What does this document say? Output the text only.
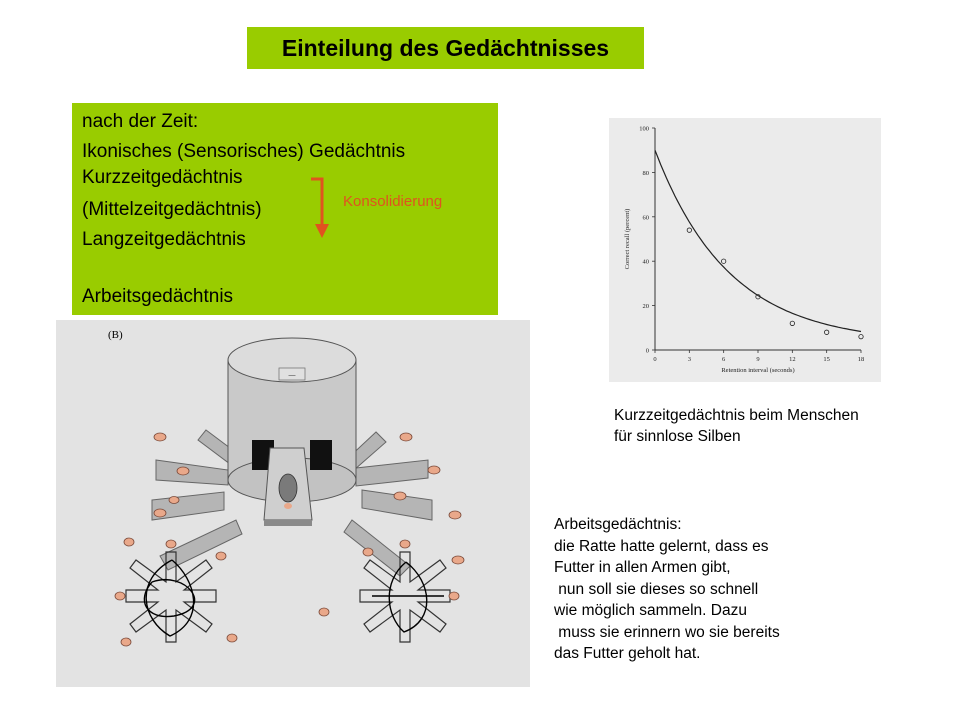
Einteilung des Gedächtnisses
nach der Zeit:
Ikonisches (Sensorisches) Gedächtnis
Kurzzeitgedächtnis
(Mittelzeitgedächtnis)
Langzeitgedächtnis
Arbeitsgedächtnis
Konsolidierung
(B)
—
0	3	6	9	12	15	18
0
20
40
60
80
100
Retention interval (seconds)
Correct recall (percent)
Kurzzeitgedächtnis beim Menschen
für sinnlose Silben
Arbeitsgedächtnis:
die Ratte hatte gelernt, dass es
Futter in allen Armen gibt,
nun soll sie dieses so schnell
wie möglich sammeln. Dazu
muss sie erinnern wo sie bereits
das Futter geholt hat.
